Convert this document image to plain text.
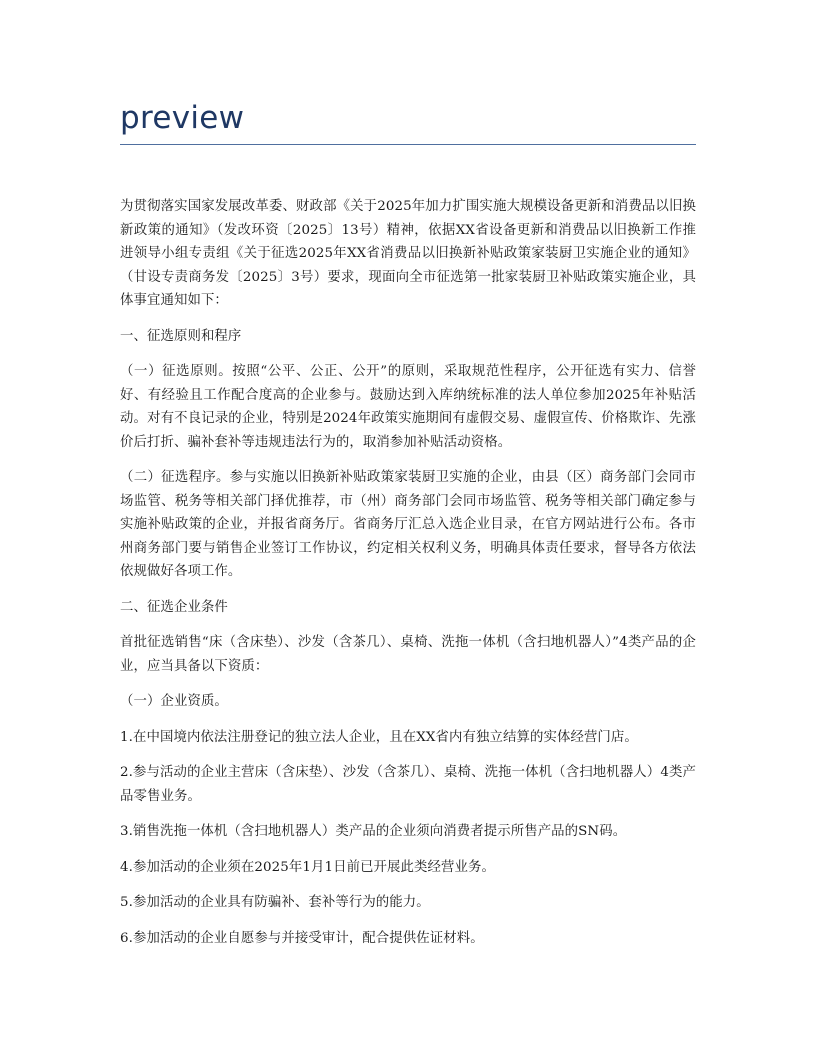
preview

为贯彻落实国家发展改革委、财政部《关于2025年加力扩围实施大规模设备更新和消费品以旧换新政策的通知》（发改环资〔2025〕13号）精神，依据XX省设备更新和消费品以旧换新工作推进领导小组专责组《关于征选2025年XX省消费品以旧换新补贴政策家装厨卫实施企业的通知》（甘设专责商务发〔2025〕3号）要求，现面向全市征选第一批家装厨卫补贴政策实施企业，具体事宜通知如下：

一、征选原则和程序

（一）征选原则。按照“公平、公正、公开”的原则，采取规范性程序，公开征选有实力、信誉好、有经验且工作配合度高的企业参与。鼓励达到入库纳统标准的法人单位参加2025年补贴活动。对有不良记录的企业，特别是2024年政策实施期间有虚假交易、虚假宣传、价格欺诈、先涨价后打折、骗补套补等违规违法行为的，取消参加补贴活动资格。

（二）征选程序。参与实施以旧换新补贴政策家装厨卫实施的企业，由县（区）商务部门会同市场监管、税务等相关部门择优推荐，市（州）商务部门会同市场监管、税务等相关部门确定参与实施补贴政策的企业，并报省商务厅。省商务厅汇总入选企业目录，在官方网站进行公布。各市州商务部门要与销售企业签订工作协议，约定相关权利义务，明确具体责任要求，督导各方依法依规做好各项工作。

二、征选企业条件

首批征选销售“床（含床垫）、沙发（含茶几）、桌椅、洗拖一体机（含扫地机器人）”4类产品的企业，应当具备以下资质：

（一）企业资质。

1.在中国境内依法注册登记的独立法人企业，且在XX省内有独立结算的实体经营门店。

2.参与活动的企业主营床（含床垫）、沙发（含茶几）、桌椅、洗拖一体机（含扫地机器人）4类产品零售业务。

3.销售洗拖一体机（含扫地机器人）类产品的企业须向消费者提示所售产品的SN码。

4.参加活动的企业须在2025年1月1日前已开展此类经营业务。

5.参加活动的企业具有防骗补、套补等行为的能力。

6.参加活动的企业自愿参与并接受审计，配合提供佐证材料。
